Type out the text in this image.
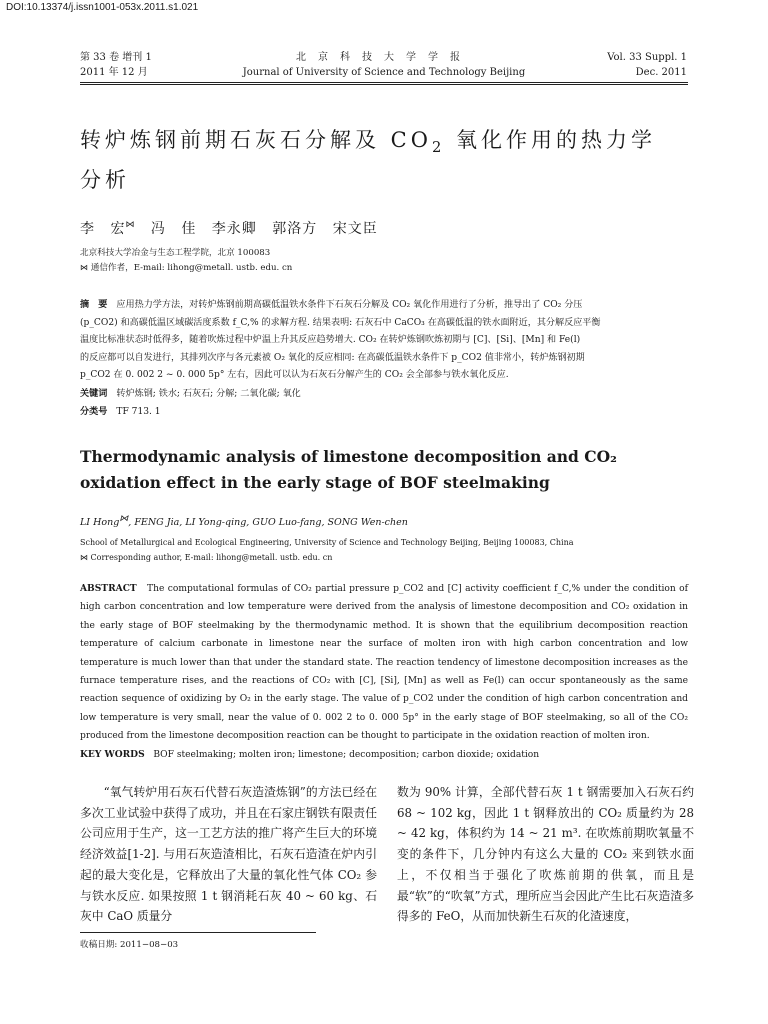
DOI:10.13374/j.issn1001-053x.2011.s1.021
第 33 卷 增刊 1
2011 年 12 月
北京科技大学学报
Journal of University of Science and Technology Beijing
Vol. 33 Suppl. 1
Dec. 2011
转炉炼钢前期石灰石分解及 $CO_2$ 氧化作用的热力学
分析
李 宏⋈ 冯 佳 李永卿 郭洛方 宋文臣
北京科技大学冶金与生态工程学院，北京 100083
⋈ 通信作者，E-mail: lihong@metall. ustb. edu. cn
摘　要　 应用热力学方法，对转炉炼钢前期高碳低温铁水条件下石灰石分解及 CO₂ 氧化作用进行了分析，推导出了 CO₂ 分压
(p_CO2) 和高碳低温区域碳活度系数 f_C,% 的求解方程. 结果表明: 石灰石中 CaCO₃ 在高碳低温的铁水面附近，其分解反应平衡
温度比标准状态时低得多，随着吹炼过程中炉温上升其反应趋势增大. CO₂ 在转炉炼钢吹炼初期与 [C]、[Si]、[Mn] 和 Fe(l)
的反应都可以自发进行，其排列次序与各元素被 O₂ 氧化的反应相同: 在高碳低温铁水条件下 p_CO2 值非常小，转炉炼钢初期
p_CO2 在 0. 002 2 ~ 0. 000 5p° 左右，因此可以认为石灰石分解产生的 CO₂ 会全部参与铁水氧化反应.
关键词　 转炉炼钢; 铁水; 石灰石; 分解; 二氧化碳; 氧化
分类号　 TF 713. 1
Thermodynamic analysis of limestone decomposition and CO₂ oxidation effect in the early stage of BOF steelmaking
LI Hong⋈, FENG Jia, LI Yong-qing, GUO Luo-fang, SONG Wen-chen
School of Metallurgical and Ecological Engineering, University of Science and Technology Beijing, Beijing 100083, China
⋈ Corresponding author, E-mail: lihong@metall. ustb. edu. cn
ABSTRACT The computational formulas of CO₂ partial pressure p_CO2 and [C] activity coefficient f_C,% under the condition of high carbon concentration and low temperature were derived from the analysis of limestone decomposition and CO₂ oxidation in the early stage of BOF steelmaking by the thermodynamic method. It is shown that the equilibrium decomposition reaction temperature of calcium carbonate in limestone near the surface of molten iron with high carbon concentration and low temperature is much lower than that under the standard state. The reaction tendency of limestone decomposition increases as the furnace temperature rises, and the reactions of CO₂ with [C], [Si], [Mn] as well as Fe(l) can occur spontaneously as the same reaction sequence of oxidizing by O₂ in the early stage. The value of p_CO2 under the condition of high carbon concentration and low temperature is very small, near the value of 0. 002 2 to 0. 000 5p° in the early stage of BOF steelmaking, so all of the CO₂ produced from the limestone decomposition reaction can be thought to participate in the oxidation reaction of molten iron.
KEY WORDS BOF steelmaking; molten iron; limestone; decomposition; carbon dioxide; oxidation
“氧气转炉用石灰石代替石灰造渣炼钢”的方法已经在多次工业试验中获得了成功，并且在石家庄钢铁有限责任公司应用于生产，这一工艺方法的推广将产生巨大的环境经济效益[1-2]. 与用石灰造渣相比，石灰石造渣在炉内引起的最大变化是，它释放出了大量的氧化性气体 CO₂ 参与铁水反应. 如果按照 1 t 钢消耗石灰 40 ~ 60 kg、石灰中 CaO 质量分
数为 90% 计算，全部代替石灰 1 t 钢需要加入石灰石约 68 ~ 102 kg，因此 1 t 钢释放出的 CO₂ 质量约为 28 ~ 42 kg，体积约为 14 ~ 21 m³. 在吹炼前期吹氧量不变的条件下，几分钟内有这么大量的 CO₂ 来到铁水面上，不仅相当于强化了吹炼前期的供氧，而且是最“软”的“吹氧”方式，理所应当会因此产生比石灰造渣多得多的 FeO，从而加快新生石灰的化渣速度，
收稿日期: 2011−08−03
